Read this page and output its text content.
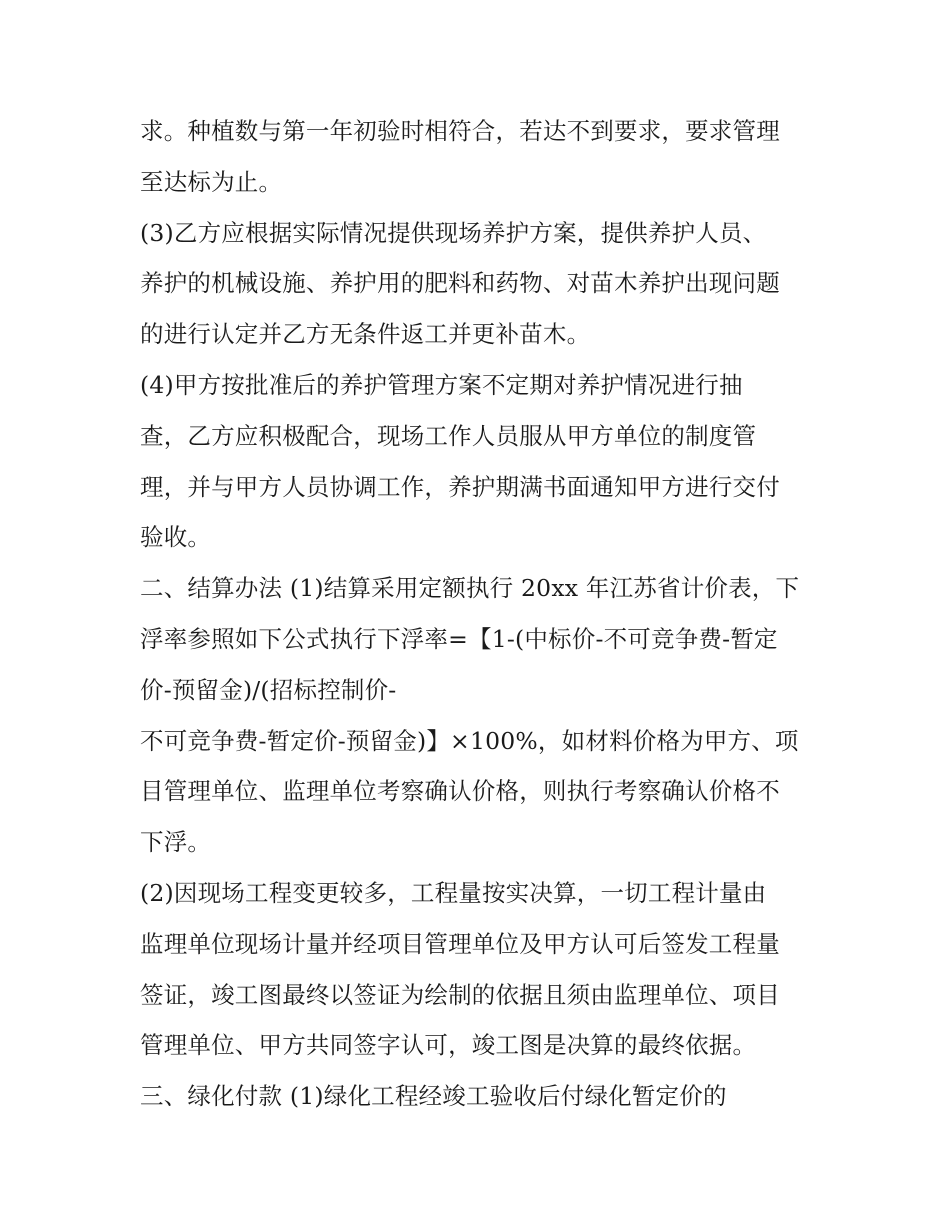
求。种植数与第一年初验时相符合，若达不到要求，要求管理
至达标为止。
(3)乙方应根据实际情况提供现场养护方案，提供养护人员、
养护的机械设施、养护用的肥料和药物、对苗木养护出现问题
的进行认定并乙方无条件返工并更补苗木。
(4)甲方按批准后的养护管理方案不定期对养护情况进行抽
查，乙方应积极配合，现场工作人员服从甲方单位的制度管
理，并与甲方人员协调工作，养护期满书面通知甲方进行交付
验收。
二、结算办法 (1)结算采用定额执行 20xx 年江苏省计价表，下
浮率参照如下公式执行下浮率=【1-(中标价-不可竞争费-暂定
价-预留金)/(招标控制价-
不可竞争费-暂定价-预留金)】×100%，如材料价格为甲方、项
目管理单位、监理单位考察确认价格，则执行考察确认价格不
下浮。
(2)因现场工程变更较多，工程量按实决算，一切工程计量由
监理单位现场计量并经项目管理单位及甲方认可后签发工程量
签证，竣工图最终以签证为绘制的依据且须由监理单位、项目
管理单位、甲方共同签字认可，竣工图是决算的最终依据。
三、绿化付款 (1)绿化工程经竣工验收后付绿化暂定价的
